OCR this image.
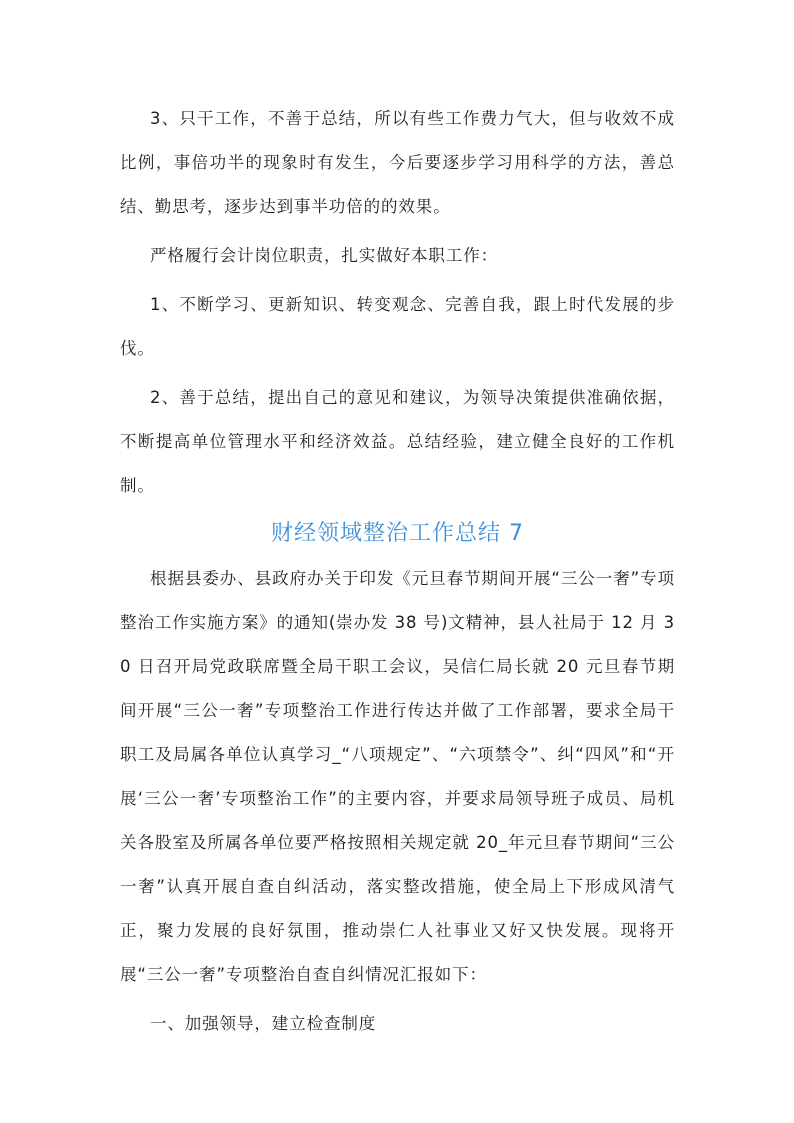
3、只干工作，不善于总结，所以有些工作费力气大，但与收效不成比例，事倍功半的现象时有发生，今后要逐步学习用科学的方法，善总结、勤思考，逐步达到事半功倍的的效果。

严格履行会计岗位职责，扎实做好本职工作：

1、不断学习、更新知识、转变观念、完善自我，跟上时代发展的步伐。

2、善于总结，提出自己的意见和建议，为领导决策提供准确依据，不断提高单位管理水平和经济效益。总结经验，建立健全良好的工作机制。

财经领域整治工作总结 7

根据县委办、县政府办关于印发《元旦春节期间开展“三公一奢”专项整治工作实施方案》的通知(崇办发 38 号)文精神，县人社局于 12 月 30 日召开局党政联席暨全局干职工会议，吴信仁局长就 20 元旦春节期间开展“三公一奢”专项整治工作进行传达并做了工作部署，要求全局干职工及局属各单位认真学习_“八项规定”、“六项禁令”、纠“四风”和“开展‘三公一奢’专项整治工作”的主要内容，并要求局领导班子成员、局机关各股室及所属各单位要严格按照相关规定就 20_年元旦春节期间“三公一奢”认真开展自查自纠活动，落实整改措施，使全局上下形成风清气正，聚力发展的良好氛围，推动崇仁人社事业又好又快发展。现将开展“三公一奢”专项整治自查自纠情况汇报如下：

一、加强领导，建立检查制度
